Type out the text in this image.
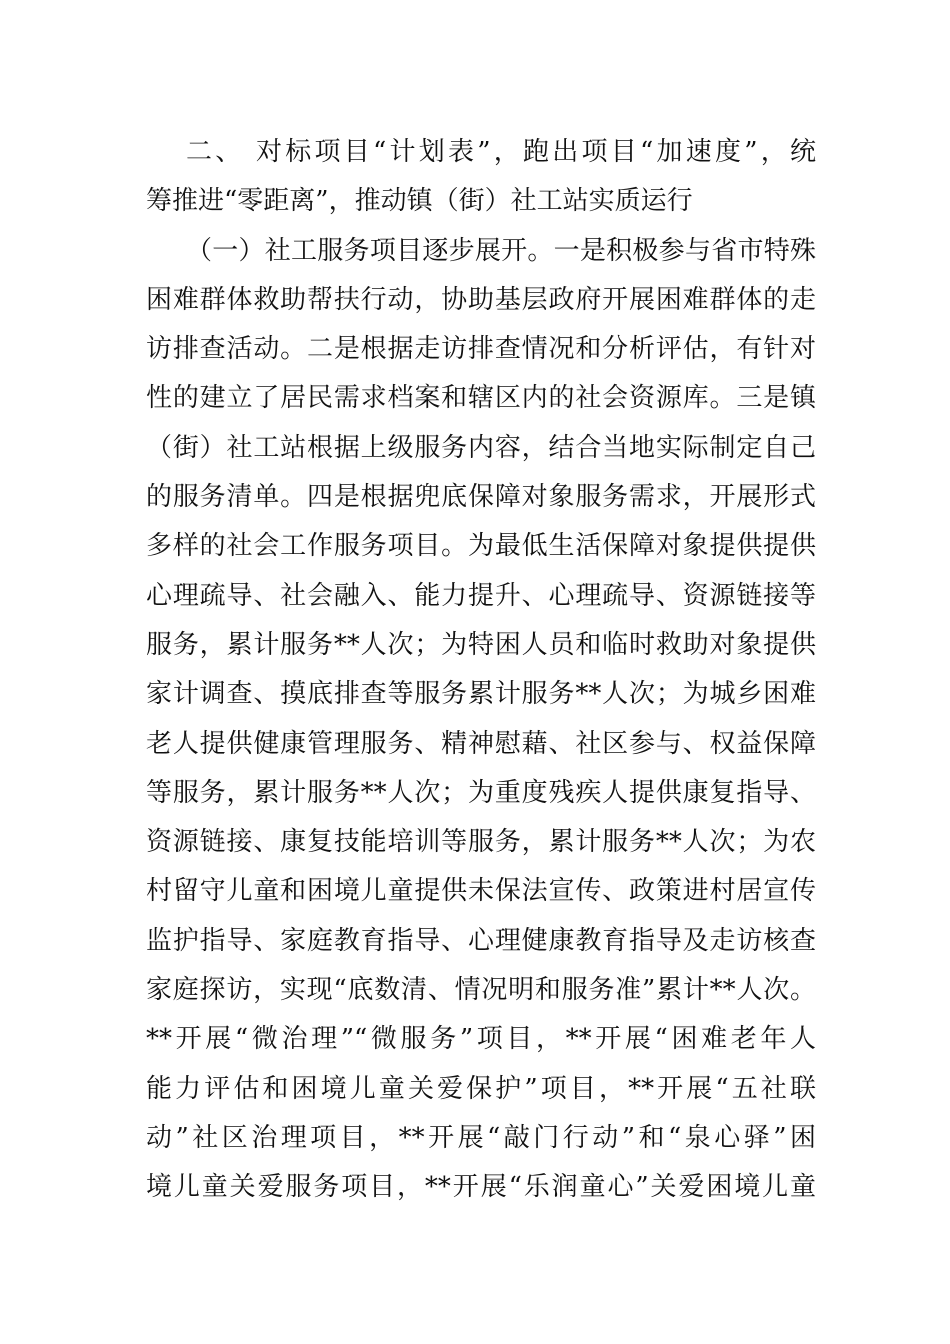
二、 对标项目“计划表”，跑出项目“加速度”，统
筹推进“零距离”，推动镇（街）社工站实质运行
（一）社工服务项目逐步展开。一是积极参与省市特殊
困难群体救助帮扶行动，协助基层政府开展困难群体的走
访排查活动。二是根据走访排查情况和分析评估，有针对
性的建立了居民需求档案和辖区内的社会资源库。三是镇
（街）社工站根据上级服务内容，结合当地实际制定自己
的服务清单。四是根据兜底保障对象服务需求，开展形式
多样的社会工作服务项目。为最低生活保障对象提供提供
心理疏导、社会融入、能力提升、心理疏导、资源链接等
服务，累计服务**人次；为特困人员和临时救助对象提供
家计调查、摸底排查等服务累计服务**人次；为城乡困难
老人提供健康管理服务、精神慰藉、社区参与、权益保障
等服务，累计服务**人次；为重度残疾人提供康复指导、
资源链接、康复技能培训等服务，累计服务**人次；为农
村留守儿童和困境儿童提供未保法宣传、政策进村居宣传
监护指导、家庭教育指导、心理健康教育指导及走访核查
家庭探访，实现“底数清、情况明和服务准”累计**人次。
**开展“微治理”“微服务”项目，**开展“困难老年人
能力评估和困境儿童关爱保护”项目，**开展“五社联
动”社区治理项目，**开展“敲门行动”和“泉心驿”困
境儿童关爱服务项目，**开展“乐润童心”关爱困境儿童
